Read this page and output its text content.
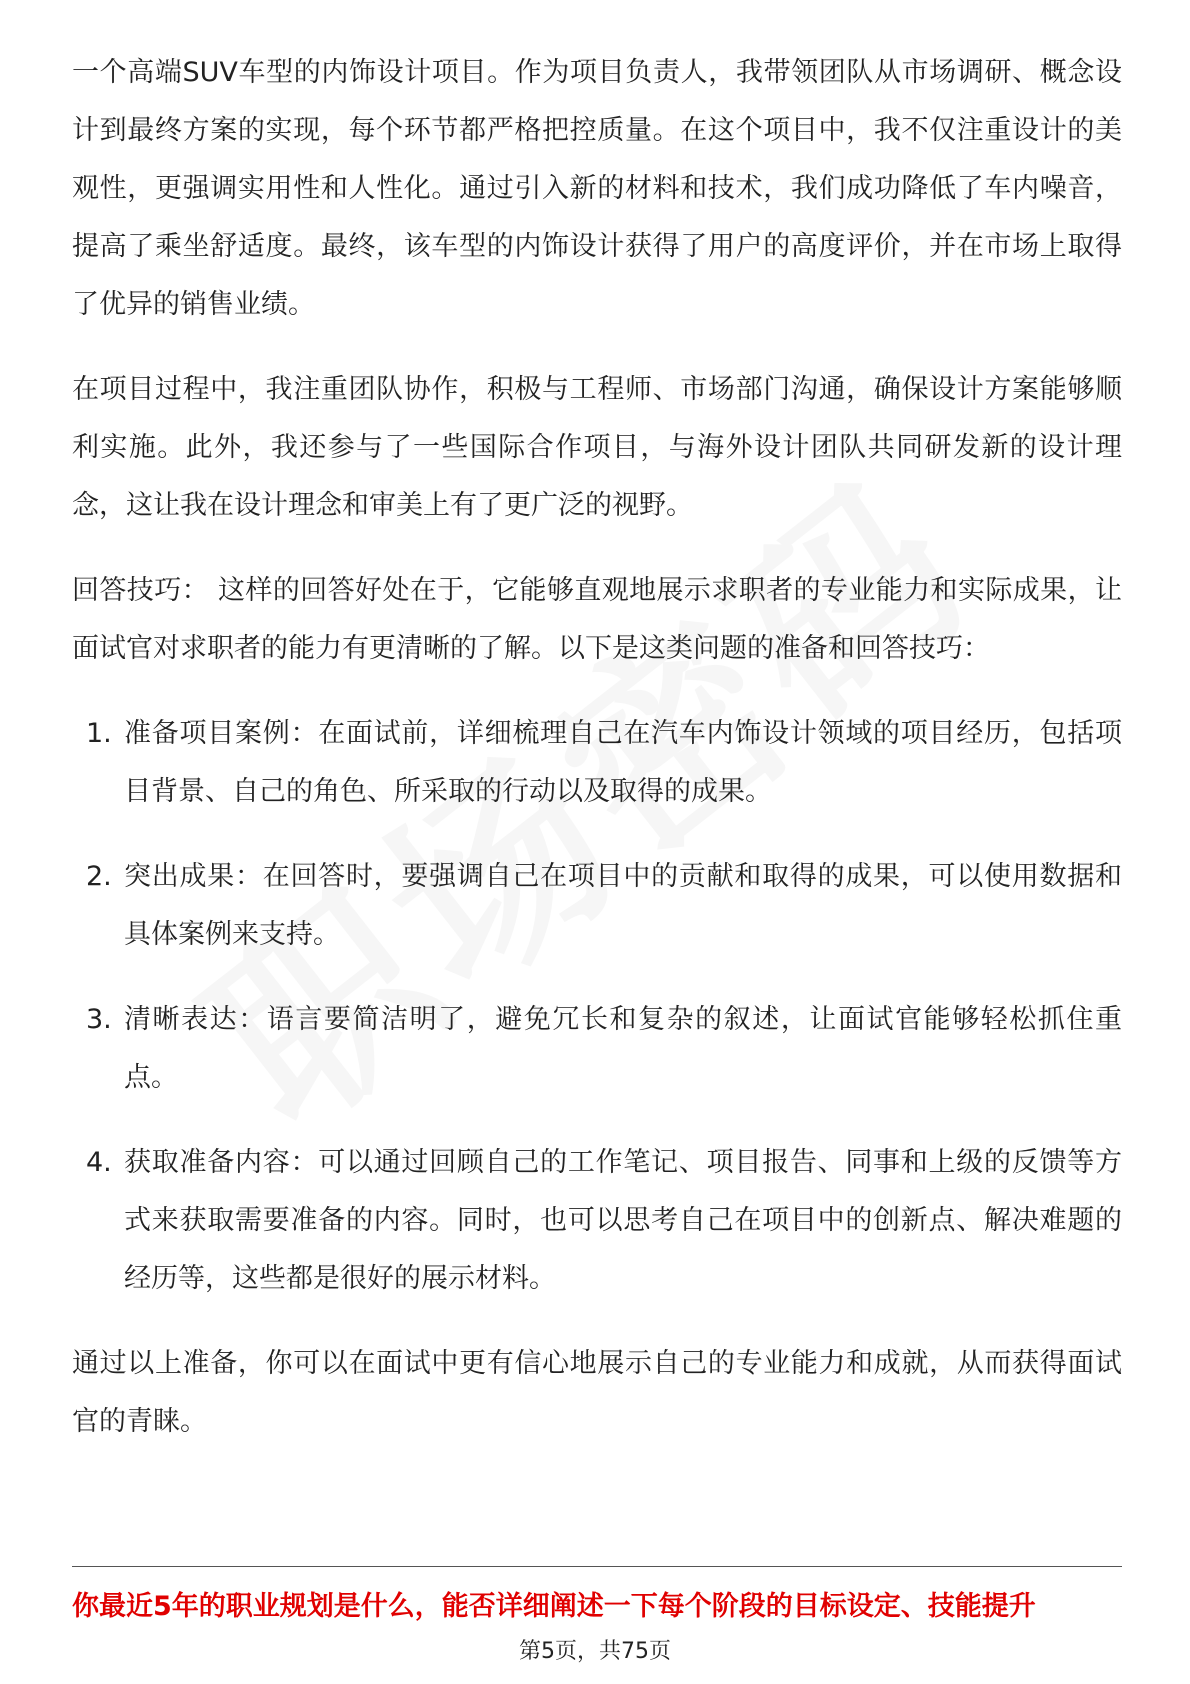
一个高端SUV车型的内饰设计项目。作为项目负责人，我带领团队从市场调研、概念设计到最终方案的实现，每个环节都严格把控质量。在这个项目中，我不仅注重设计的美观性，更强调实用性和人性化。通过引入新的材料和技术，我们成功降低了车内噪音，提高了乘坐舒适度。最终，该车型的内饰设计获得了用户的高度评价，并在市场上取得了优异的销售业绩。

在项目过程中，我注重团队协作，积极与工程师、市场部门沟通，确保设计方案能够顺利实施。此外，我还参与了一些国际合作项目，与海外设计团队共同研发新的设计理念，这让我在设计理念和审美上有了更广泛的视野。

回答技巧： 这样的回答好处在于，它能够直观地展示求职者的专业能力和实际成果，让面试官对求职者的能力有更清晰的了解。以下是这类问题的准备和回答技巧：

1. 准备项目案例：在面试前，详细梳理自己在汽车内饰设计领域的项目经历，包括项目背景、自己的角色、所采取的行动以及取得的成果。
2. 突出成果：在回答时，要强调自己在项目中的贡献和取得的成果，可以使用数据和具体案例来支持。
3. 清晰表达：语言要简洁明了，避免冗长和复杂的叙述，让面试官能够轻松抓住重点。
4. 获取准备内容：可以通过回顾自己的工作笔记、项目报告、同事和上级的反馈等方式来获取需要准备的内容。同时，也可以思考自己在项目中的创新点、解决难题的经历等，这些都是很好的展示材料。

通过以上准备，你可以在面试中更有信心地展示自己的专业能力和成就，从而获得面试官的青睐。

你最近5年的职业规划是什么，能否详细阐述一下每个阶段的目标设定、技能提升
第5页，共75页
